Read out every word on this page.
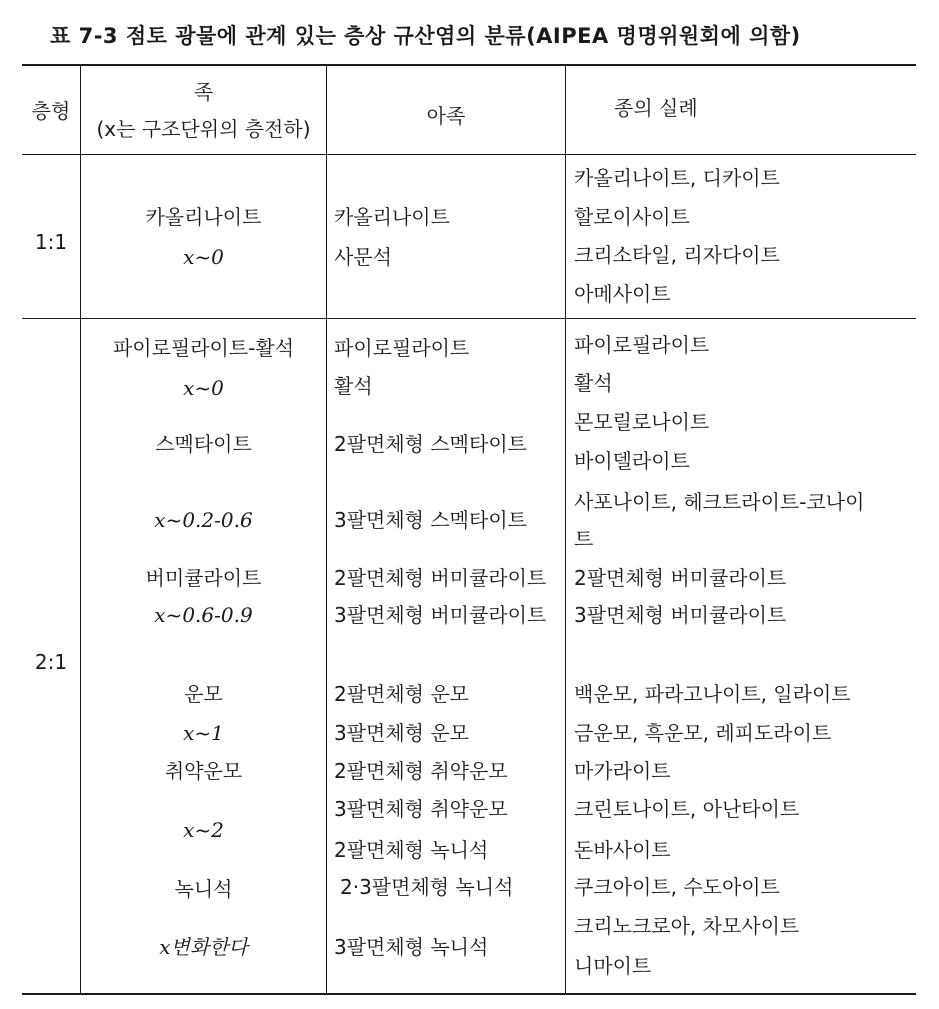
표 7-3 점토 광물에 관계 있는 층상 규산염의 분류(AIPEA 명명위원회에 의함)
층형
족
(x는 구조단위의 층전하)
아족	종의 실례
1:1
카올리나이트
x~0
카올리나이트
사문석
카올리나이트, 디카이트
할로이사이트
크리소타일, 리자다이트
아메사이트
2:1
파이로필라이트-활석
x~0
스멕타이트
x~0.2-0.6
버미큘라이트
x~0.6-0.9
운모
x~1
취약운모
x~2
녹니석
x변화한다
파이로필라이트
활석
2팔면체형 스멕타이트
3팔면체형 스멕타이트
2팔면체형 버미큘라이트
3팔면체형 버미큘라이트
2팔면체형 운모
3팔면체형 운모
2팔면체형 취약운모
3팔면체형 취약운모
2팔면체형 녹니석
2·3팔면체형 녹니석
3팔면체형 녹니석
파이로필라이트
활석
몬모릴로나이트
바이델라이트
사포나이트, 헤크트라이트-코나이
트
2팔면체형 버미큘라이트
3팔면체형 버미큘라이트
백운모, 파라고나이트, 일라이트
금운모, 흑운모, 레피도라이트
마가라이트
크린토나이트, 아난타이트
돈바사이트
쿠크아이트, 수도아이트
크리노크로아, 차모사이트
니마이트
